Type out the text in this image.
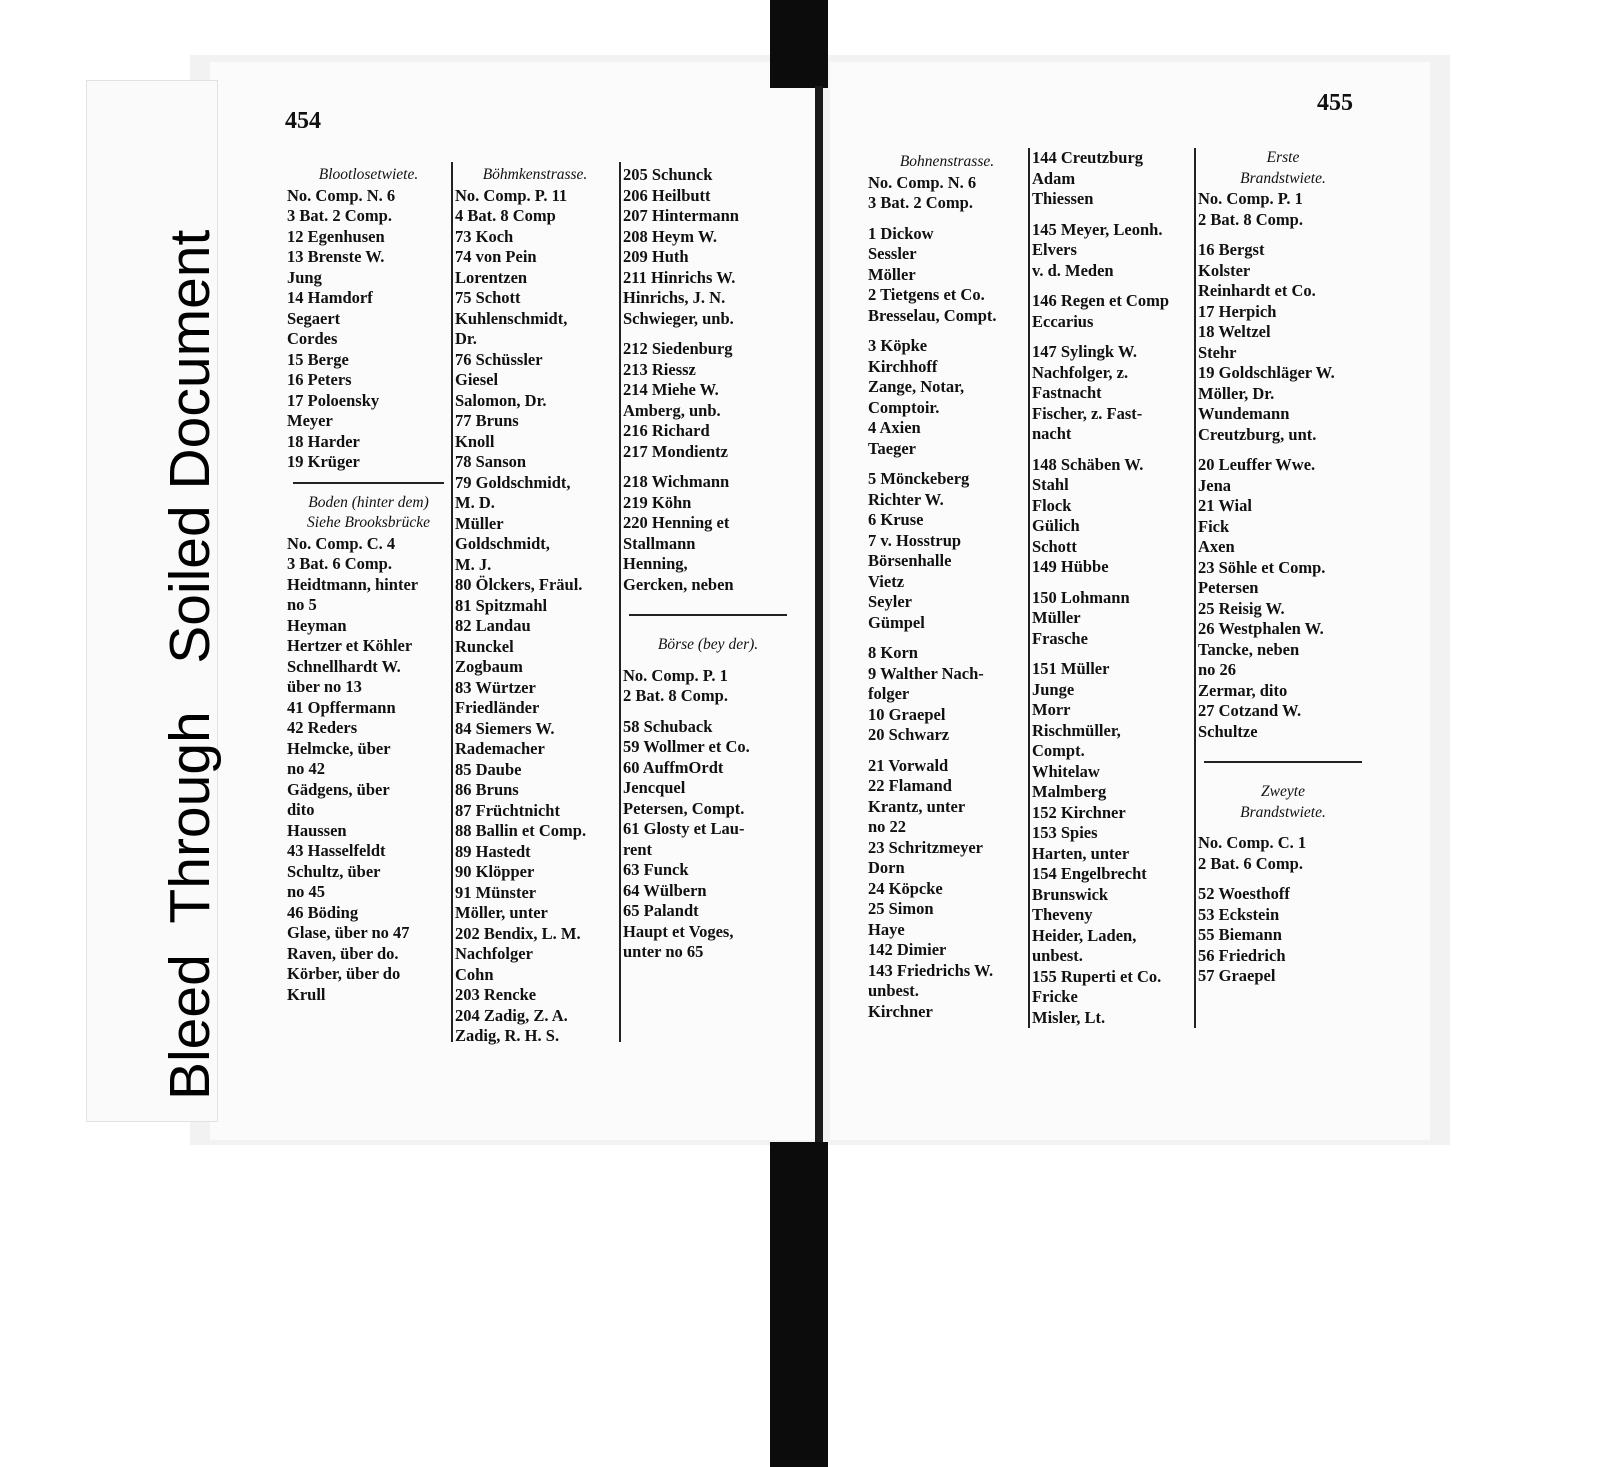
Bleed  Through   Soiled Document
454
455
Blootlosetwiete.
No. Comp. N. 6
3 Bat. 2 Comp.
12 Egenhusen
13 Brenste W.
Jung
14 Hamdorf
Segaert
Cordes
15 Berge
16 Peters
17 Poloensky
Meyer
18 Harder
19 Krüger
Boden (hinter dem)
Siehe Brooksbrücke
No. Comp. C. 4
3 Bat. 6 Comp.
Heidtmann, hinter
no 5
Heyman
Hertzer et Köhler
Schnellhardt W.
über no 13
41 Opffermann
42 Reders
Helmcke, über
no 42
Gädgens, über
dito
Haussen
43 Hasselfeldt
Schultz, über
no 45
46 Böding
Glase, über no 47
Raven, über do.
Körber, über do
Krull
Böhmkenstrasse.
No. Comp. P. 11
4 Bat. 8 Comp
73 Koch
74 von Pein
Lorentzen
75 Schott
Kuhlenschmidt,
Dr.
76 Schüssler
Giesel
Salomon, Dr.
77 Bruns
Knoll
78 Sanson
79 Goldschmidt,
M. D.
Müller
Goldschmidt,
M. J.
80 Ölckers, Fräul.
81 Spitzmahl
82 Landau
Runckel
Zogbaum
83 Würtzer
Friedländer
84 Siemers W.
Rademacher
85 Daube
86 Bruns
87 Früchtnicht
88 Ballin et Comp.
89 Hastedt
90 Klöpper
91 Münster
Möller, unter
202 Bendix, L. M.
Nachfolger
Cohn
203 Rencke
204 Zadig, Z. A.
Zadig, R. H. S.
205 Schunck
206 Heilbutt
207 Hintermann
208 Heym W.
209 Huth
211 Hinrichs W.
Hinrichs, J. N.
Schwieger, unb.
212 Siedenburg
213 Riessz
214 Miehe W.
Amberg, unb.
216 Richard
217 Mondientz
218 Wichmann
219 Köhn
220 Henning et
Stallmann
Henning,
Gercken, neben
Börse (bey der).
No. Comp. P. 1
2 Bat. 8 Comp.
58 Schuback
59 Wollmer et Co.
60 AuffmOrdt
Jencquel
Petersen, Compt.
61 Glosty et Lau-
rent
63 Funck
64 Wülbern
65 Palandt
Haupt et Voges,
unter no 65
Bohnenstrasse.
No. Comp. N. 6
3 Bat. 2 Comp.
1 Dickow
Sessler
Möller
2 Tietgens et Co.
Bresselau, Compt.
3 Köpke
Kirchhoff
Zange, Notar,
Comptoir.
4 Axien
Taeger
5 Mönckeberg
Richter W.
6 Kruse
7 v. Hosstrup
Börsenhalle
Vietz
Seyler
Gümpel
8 Korn
9 Walther Nach-
folger
10 Graepel
20 Schwarz
21 Vorwald
22 Flamand
Krantz, unter
no 22
23 Schritzmeyer
Dorn
24 Köpcke
25 Simon
Haye
142 Dimier
143 Friedrichs W.
unbest.
Kirchner
144 Creutzburg
Adam
Thiessen
145 Meyer, Leonh.
Elvers
v. d. Meden
146 Regen et Comp
Eccarius
147 Sylingk W.
Nachfolger, z.
Fastnacht
Fischer, z. Fast-
nacht
148 Schäben W.
Stahl
Flock
Gülich
Schott
149 Hübbe
150 Lohmann
Müller
Frasche
151 Müller
Junge
Morr
Rischmüller,
Compt.
Whitelaw
Malmberg
152 Kirchner
153 Spies
Harten, unter
154 Engelbrecht
Brunswick
Theveny
Heider, Laden,
unbest.
155 Ruperti et Co.
Fricke
Misler, Lt.
Erste
Brandstwiete.
No. Comp. P. 1
2 Bat. 8 Comp.
16 Bergst
Kolster
Reinhardt et Co.
17 Herpich
18 Weltzel
Stehr
19 Goldschläger W.
Möller, Dr.
Wundemann
Creutzburg, unt.
20 Leuffer Wwe.
Jena
21 Wial
Fick
Axen
23 Söhle et Comp.
Petersen
25 Reisig W.
26 Westphalen W.
Tancke, neben
no 26
Zermar, dito
27 Cotzand W.
Schultze
Zweyte
Brandstwiete.
No. Comp. C. 1
2 Bat. 6 Comp.
52 Woesthoff
53 Eckstein
55 Biemann
56 Friedrich
57 Graepel
